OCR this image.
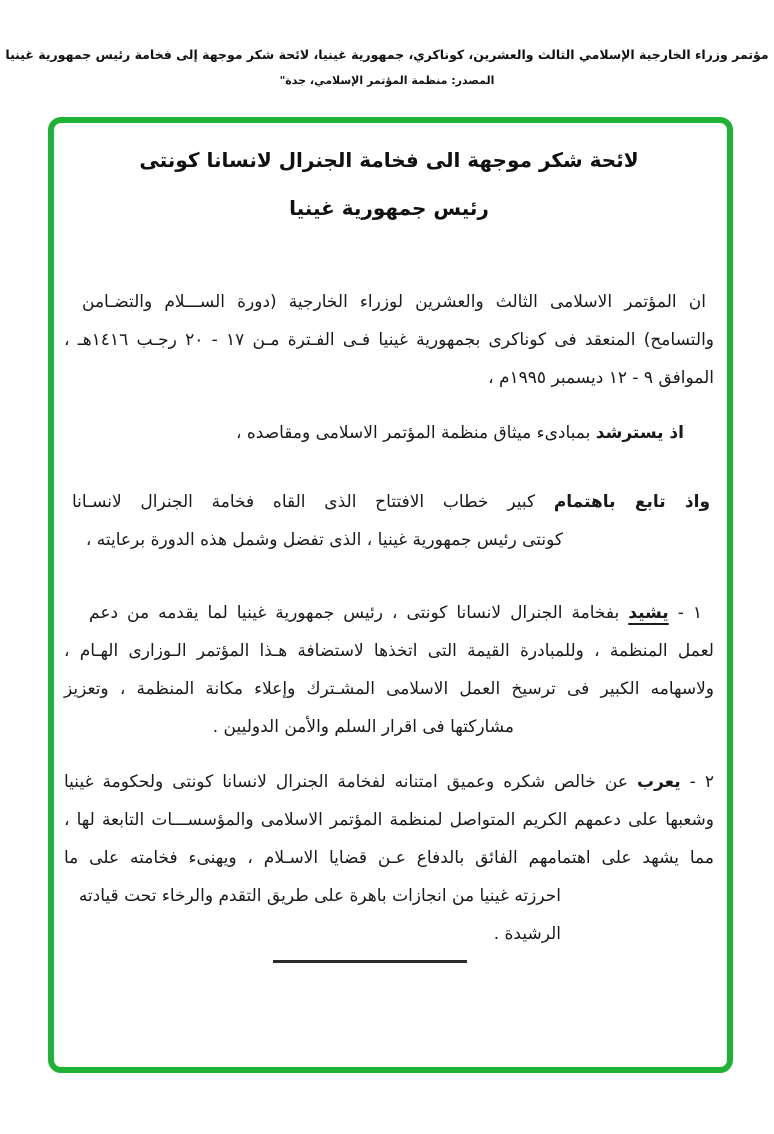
مؤتمر وزراء الخارجية الإسلامي الثالث والعشرين، كوناكري، جمهورية غينيا، لائحة شكر موجهة إلى فخامة رئيس جمهورية غينيا
المصدر: منظمة المؤتمر الإسلامي، جدة"
لائحة شكر موجهة الى فخامة الجنرال لانسانا كونتى
رئيس جمهورية غينيا
ان المؤتمر الاسلامى الثالث والعشرين لوزراء الخارجية (دورة الســـلام والتضـامن
والتسامح) المنعقد فى كوناكرى بجمهورية غينيا فـى الفـترة مـن ١٧ - ٢٠ رجـب ١٤١٦هـ ،
الموافق ٩ - ١٢ ديسمبر ١٩٩٥م ،
اذ يسترشد بمبادىء ميثاق منظمة المؤتمر الاسلامى ومقاصده ،
واذ تابع باهتمام كبير خطاب الافتتاح الذى القاه فخامة الجنرال لانسـانا
كونتى رئيس جمهورية غينيا ، الذى تفضل وشمل هذه الدورة برعايته ،
١ - يشيد بفخامة الجنرال لانسانا كونتى ، رئيس جمهورية غينيا لما يقدمه من دعم
لعمل المنظمة ، وللمبادرة القيمة التى اتخذها لاستضافة هـذا المؤتمر الـوزارى الهـام ،
ولاسهامه الكبير فى ترسيخ العمل الاسلامى المشـترك وإعلاء مكانة المنظمة ، وتعزيز
مشاركتها فى اقرار السلم والأمن الدوليين .
٢ - يعرب عن خالص شكره وعميق امتنانه لفخامة الجنرال لانسانا كونتى ولحكومة غينيا
وشعبها على دعمهم الكريم المتواصل لمنظمة المؤتمر الاسلامى والمؤسســـات التابعة لها ،
مما يشهد على اهتمامهم الفائق بالدفاع عـن قضايا الاسـلام ، ويهنىء فخامته على ما
احرزته غينيا من انجازات باهرة على طريق التقدم والرخاء تحت قيادته الرشيدة .
